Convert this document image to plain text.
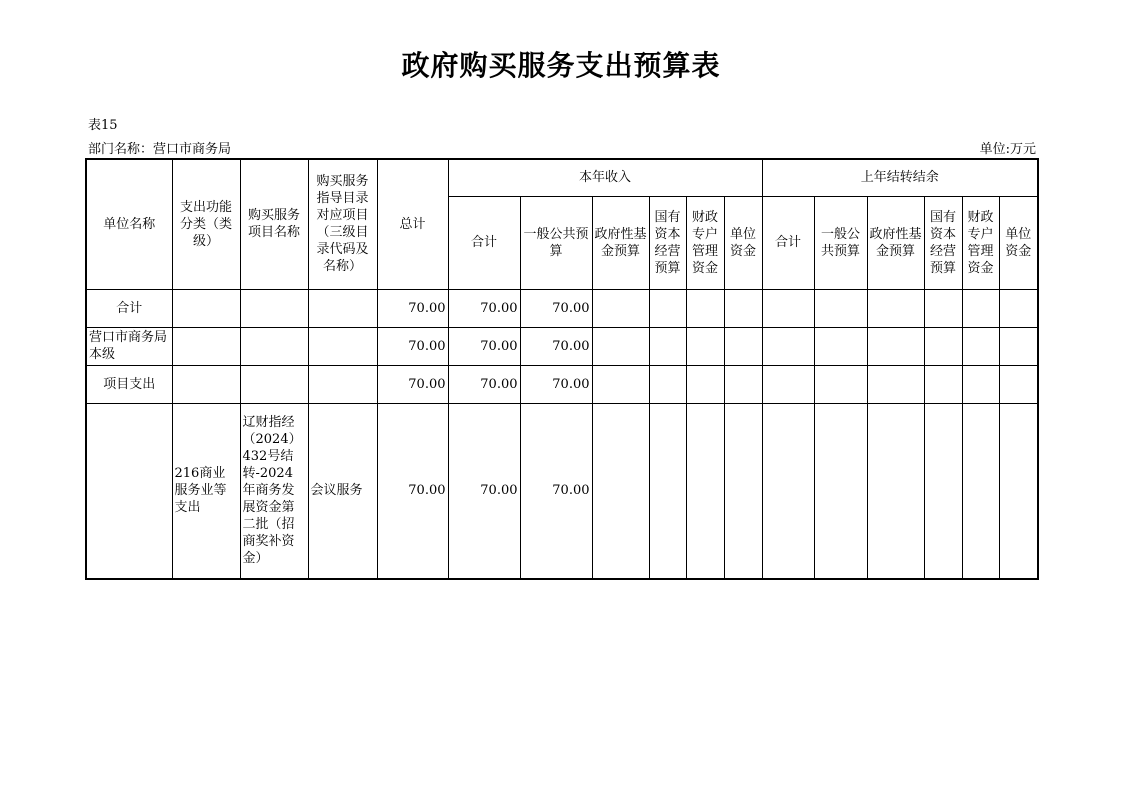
政府购买服务支出预算表
表15
部门名称：营口市商务局	单位:万元
单位名称	支出功能分类（类级）	购买服务项目名称	购买服务指导目录对应项目（三级目录代码及名称）	总计	本年收入						上年结转结余					
					合计	一般公共预算	政府性基金预算	国有资本经营预算	财政专户管理资金	单位资金	合计	一般公共预算	政府性基金预算	国有资本经营预算	财政专户管理资金	单位资金
合计				70.00	70.00	70.00										
营口市商务局本级				70.00	70.00	70.00										
项目支出				70.00	70.00	70.00										
	216商业服务业等支出	辽财指经（2024）432号结转-2024年商务发展资金第二批（招商奖补资金）	会议服务	70.00	70.00	70.00										
